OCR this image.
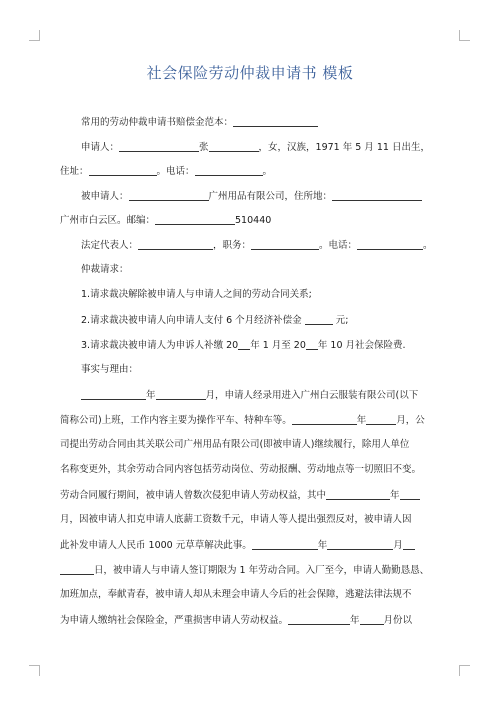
社会保险劳动仲裁申请书 模板
常用的劳动仲裁申请书赔偿金范本：
申请人：	张	，女，汉族，1971 年 5 月 11 日出生，
住址：	。电话：	。
被申请人：	广州用品有限公司，住所地：
广州市白云区。邮编：	510440
法定代表人：	，职务：	。电话：	。
仲裁请求：
1.请求裁决解除被申请人与申请人之间的劳动合同关系;
2.请求裁决被申请人向申请人支付 6 个月经济补偿金	元;
3.请求裁决被申请人为申诉人补缴 20 年 1 月至 20 年 10 月社会保险费.
事实与理由：
年	月，申请人经录用进入广州白云服装有限公司(以下
简称公司)上班，工作内容主要为操作平车、特种车等。	年	月，公
司提出劳动合同由其关联公司广州用品有限公司(即被申请人)继续履行，除用人单位
名称变更外，其余劳动合同内容包括劳动岗位、劳动报酬、劳动地点等一切照旧不变。
劳动合同履行期间，被申请人曾数次侵犯申请人劳动权益，其中	年
月，因被申请人扣克申请人底薪工资数千元，申请人等人提出强烈反对，被申请人因
此补发申请人人民币 1000 元草草解决此事。	年	月
日，被申请人与申请人签订期限为 1 年劳动合同。入厂至今，申请人勤勤恳恳、
加班加点，奉献青春，被申请人却从未理会申请人今后的社会保障，逃避法律法规不
为申请人缴纳社会保险金，严重损害申请人劳动权益。	年	月份以
